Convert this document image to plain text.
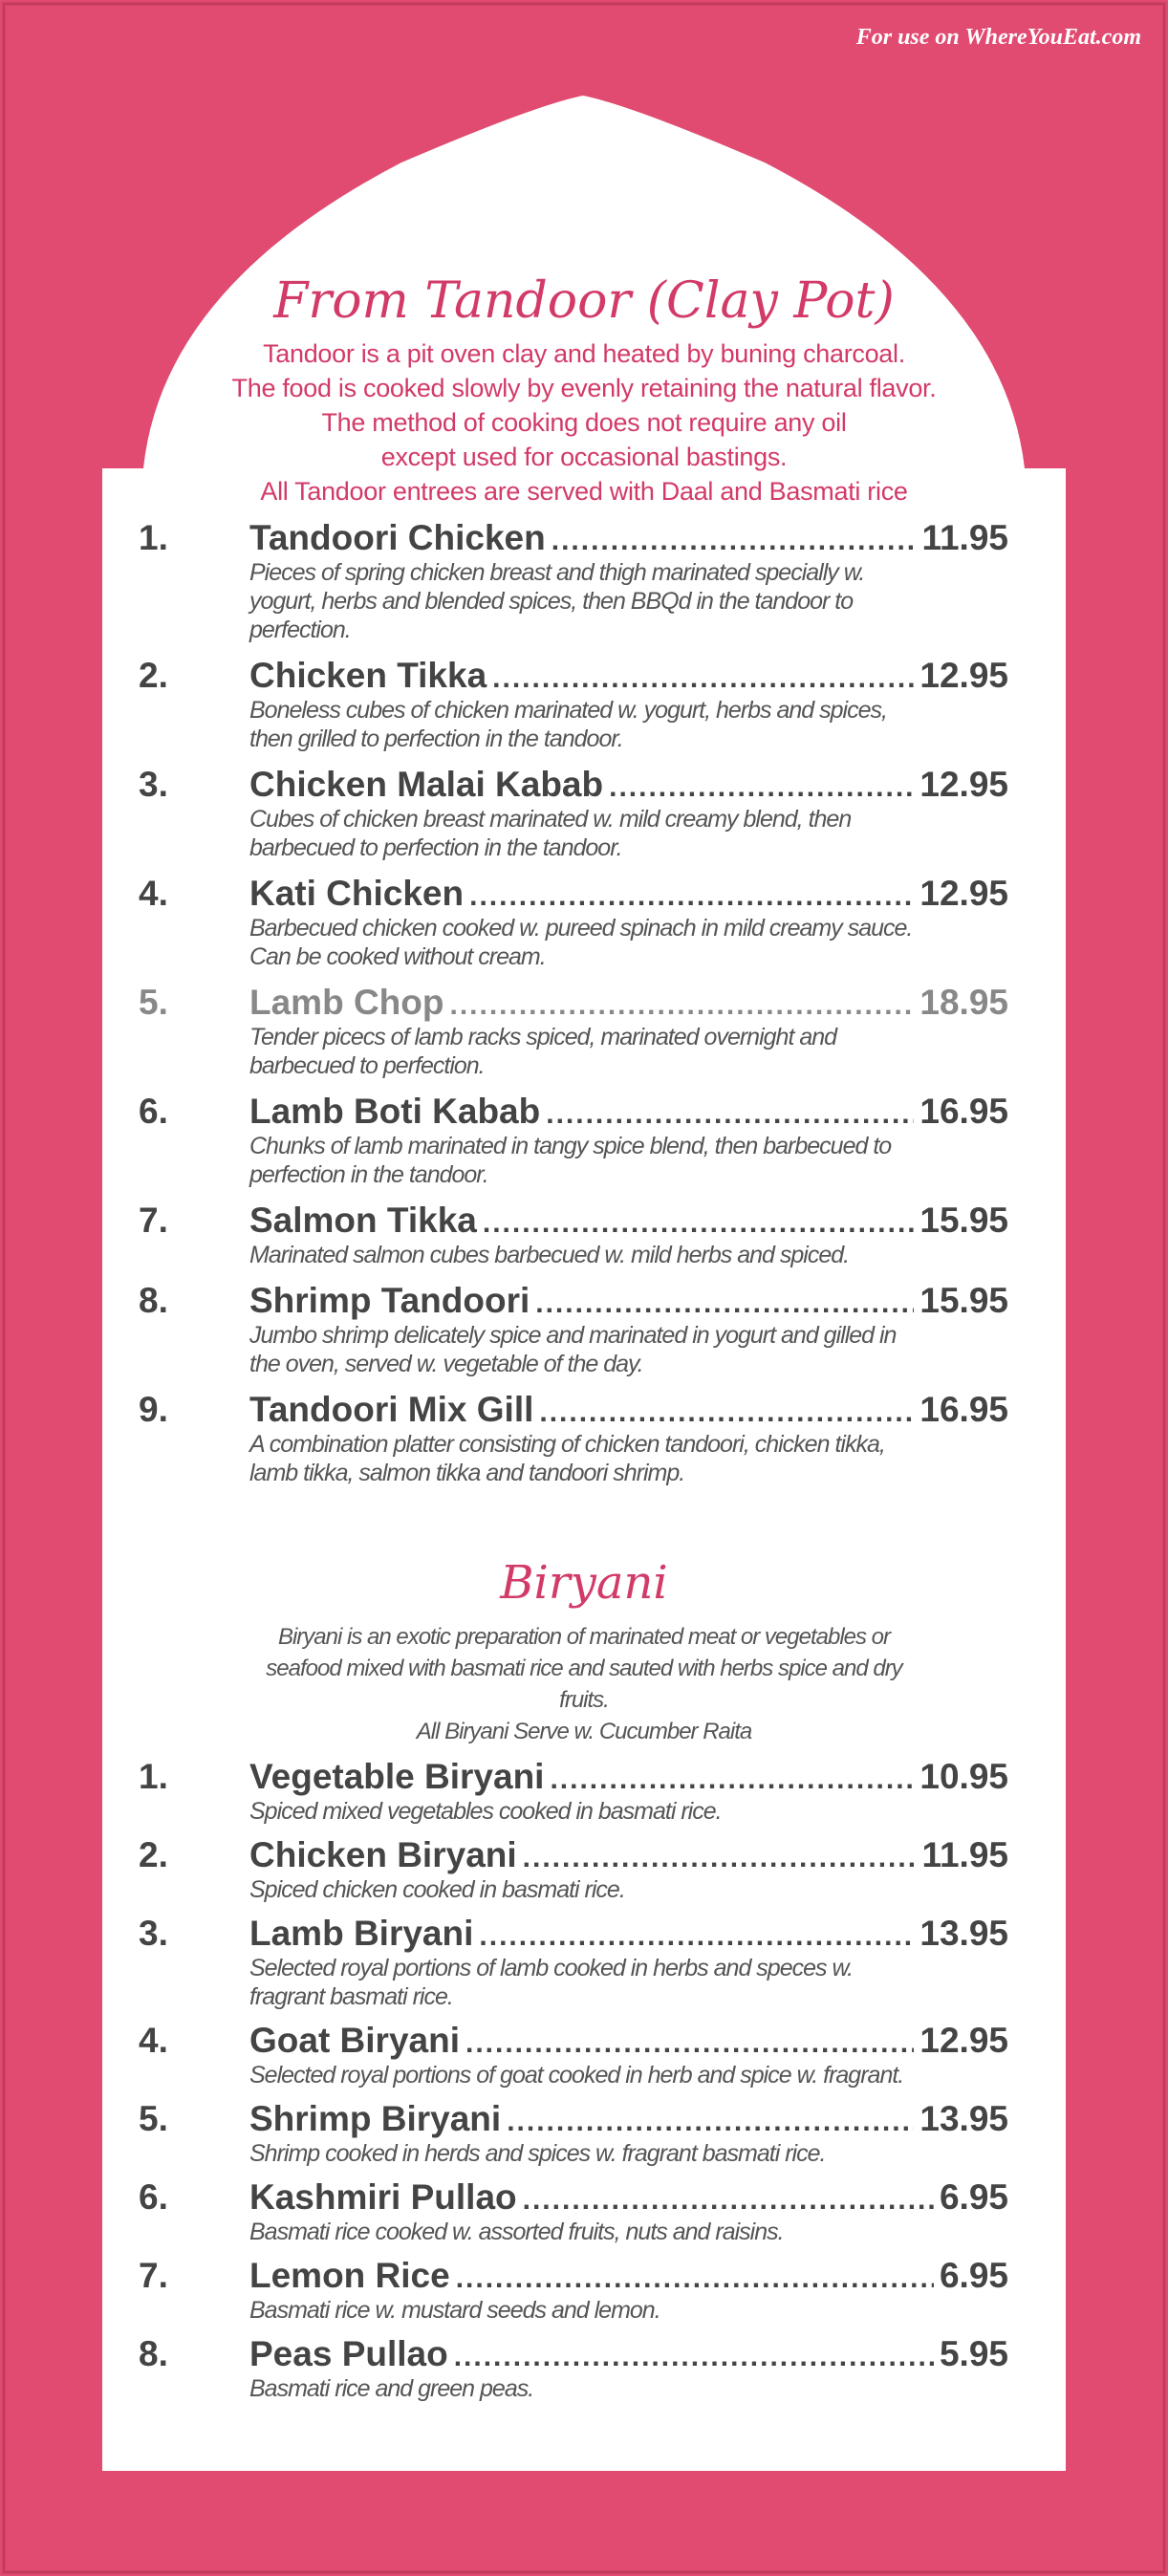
For use on WhereYouEat.com
From Tandoor (Clay Pot)
Tandoor is a pit oven clay and heated by buning charcoal.
The food is cooked slowly by evenly retaining the natural flavor.
The method of cooking does not require any oil
except used for occasional bastings.
All Tandoor entrees are served with Daal and Basmati rice
1.	Tandoori Chicken .....	11.95
Pieces of spring chicken breast and thigh marinated specially w. yogurt, herbs and blended spices, then BBQd in the tandoor to perfection.
2.	Chicken Tikka .....	12.95
Boneless cubes of chicken marinated w. yogurt, herbs and spices, then grilled to perfection in the tandoor.
3.	Chicken Malai Kabab .....	12.95
Cubes of chicken breast marinated w. mild creamy blend, then barbecued to perfection in the tandoor.
4.	Kati Chicken .....	12.95
Barbecued chicken cooked w. pureed spinach in mild creamy sauce. Can be cooked without cream.
5.	Lamb Chop .....	18.95
Tender picecs of lamb racks spiced, marinated overnight and barbecued to perfection.
6.	Lamb Boti Kabab .....	16.95
Chunks of lamb marinated in tangy spice blend, then barbecued to perfection in the tandoor.
7.	Salmon Tikka .....	15.95
Marinated salmon cubes barbecued w. mild herbs and spiced.
8.	Shrimp Tandoori .....	15.95
Jumbo shrimp delicately spice and marinated in yogurt and gilled in the oven, served w. vegetable of the day.
9.	Tandoori Mix Gill .....	16.95
A combination platter consisting of chicken tandoori, chicken tikka, lamb tikka, salmon tikka and tandoori shrimp.
Biryani
Biryani is an exotic preparation of marinated meat or vegetables or seafood mixed with basmati rice and sauted with herbs spice and dry fruits.
All Biryani Serve w. Cucumber Raita
1.	Vegetable Biryani .....	10.95
Spiced mixed vegetables cooked in basmati rice.
2.	Chicken Biryani .....	11.95
Spiced chicken cooked in basmati rice.
3.	Lamb Biryani .....	13.95
Selected royal portions of lamb cooked in herbs and speces w. fragrant basmati rice.
4.	Goat Biryani .....	12.95
Selected royal portions of goat cooked in herb and spice w. fragrant.
5.	Shrimp Biryani .....	13.95
Shrimp cooked in herds and spices w. fragrant basmati rice.
6.	Kashmiri Pullao .....	6.95
Basmati rice cooked w. assorted fruits, nuts and raisins.
7.	Lemon Rice .....	6.95
Basmati rice w. mustard seeds and lemon.
8.	Peas Pullao .....	5.95
Basmati rice and green peas.
